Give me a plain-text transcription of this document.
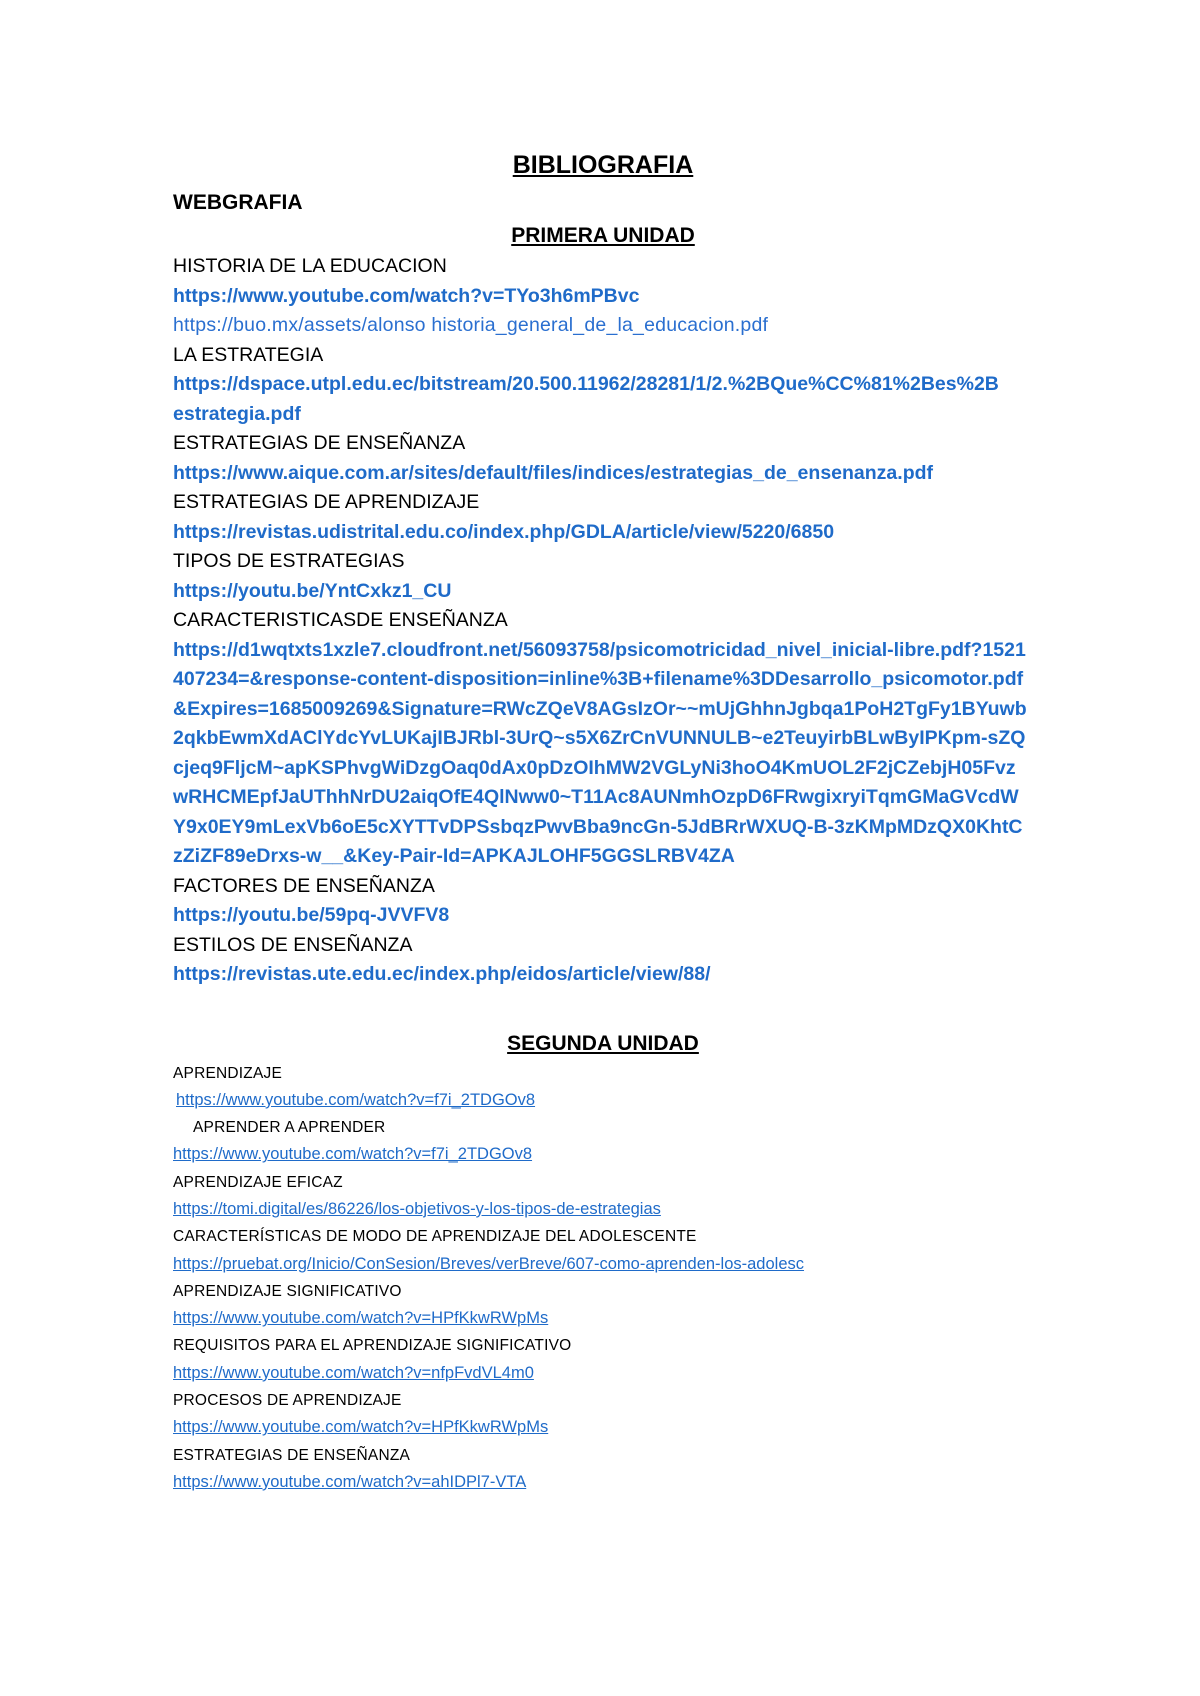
BIBLIOGRAFIA
WEBGRAFIA
PRIMERA UNIDAD
HISTORIA DE LA EDUCACION
https://www.youtube.com/watch?v=TYo3h6mPBvc
https://buo.mx/assets/alonso historia_general_de_la_educacion.pdf
LA ESTRATEGIA
https://dspace.utpl.edu.ec/bitstream/20.500.11962/28281/1/2.%2BQue%CC%81%2Bes%2Bestrategia.pdf
ESTRATEGIAS DE ENSEÑANZA
https://www.aique.com.ar/sites/default/files/indices/estrategias_de_ensenanza.pdf
ESTRATEGIAS DE APRENDIZAJE
https://revistas.udistrital.edu.co/index.php/GDLA/article/view/5220/6850
TIPOS DE ESTRATEGIAS
https://youtu.be/YntCxkz1_CU
CARACTERISTICASDE ENSEÑANZA
https://d1wqtxts1xzle7.cloudfront.net/56093758/psicomotricidad_nivel_inicial-libre.pdf?1521407234=&response-content-disposition=inline%3B+filename%3DDesarrollo_psicomotor.pdf&Expires=1685009269&Signature=RWcZQeV8AGsIzOr~~mUjGhhnJgbqa1PoH2TgFy1BYuwb2qkbEwmXdAClYdcYvLUKajIBJRbl-3UrQ~s5X6ZrCnVUNNULB~e2TeuyirbBLwByIPKpm-sZQcjeq9FljcM~apKSPhvgWiDzgOaq0dAx0pDzOIhMW2VGLyNi3hoO4KmUOL2F2jCZebjH05FvzwRHCMEpfJaUThhNrDU2aiqOfE4QlNww0~T11Ac8AUNmhOzpD6FRwgixryiTqmGMaGVcdWY9x0EY9mLexVb6oE5cXYTTvDPSsbqzPwvBba9ncGn-5JdBRrWXUQ-B-3zKMpMDzQX0KhtCzZiZF89eDrxs-w__&Key-Pair-Id=APKAJLOHF5GGSLRBV4ZA
FACTORES DE ENSEÑANZA
https://youtu.be/59pq-JVVFV8
ESTILOS DE ENSEÑANZA
https://revistas.ute.edu.ec/index.php/eidos/article/view/88/
SEGUNDA UNIDAD
APRENDIZAJE
https://www.youtube.com/watch?v=f7i_2TDGOv8
APRENDER A APRENDER
https://www.youtube.com/watch?v=f7i_2TDGOv8
APRENDIZAJE EFICAZ
https://tomi.digital/es/86226/los-objetivos-y-los-tipos-de-estrategias
CARACTERÍSTICAS DE MODO DE APRENDIZAJE DEL ADOLESCENTE
https://pruebat.org/Inicio/ConSesion/Breves/verBreve/607-como-aprenden-los-adolesc
APRENDIZAJE SIGNIFICATIVO
https://www.youtube.com/watch?v=HPfKkwRWpMs
REQUISITOS PARA EL APRENDIZAJE SIGNIFICATIVO
https://www.youtube.com/watch?v=nfpFvdVL4m0
PROCESOS DE APRENDIZAJE
https://www.youtube.com/watch?v=HPfKkwRWpMs
ESTRATEGIAS DE ENSEÑANZA
https://www.youtube.com/watch?v=ahIDPl7-VTA
